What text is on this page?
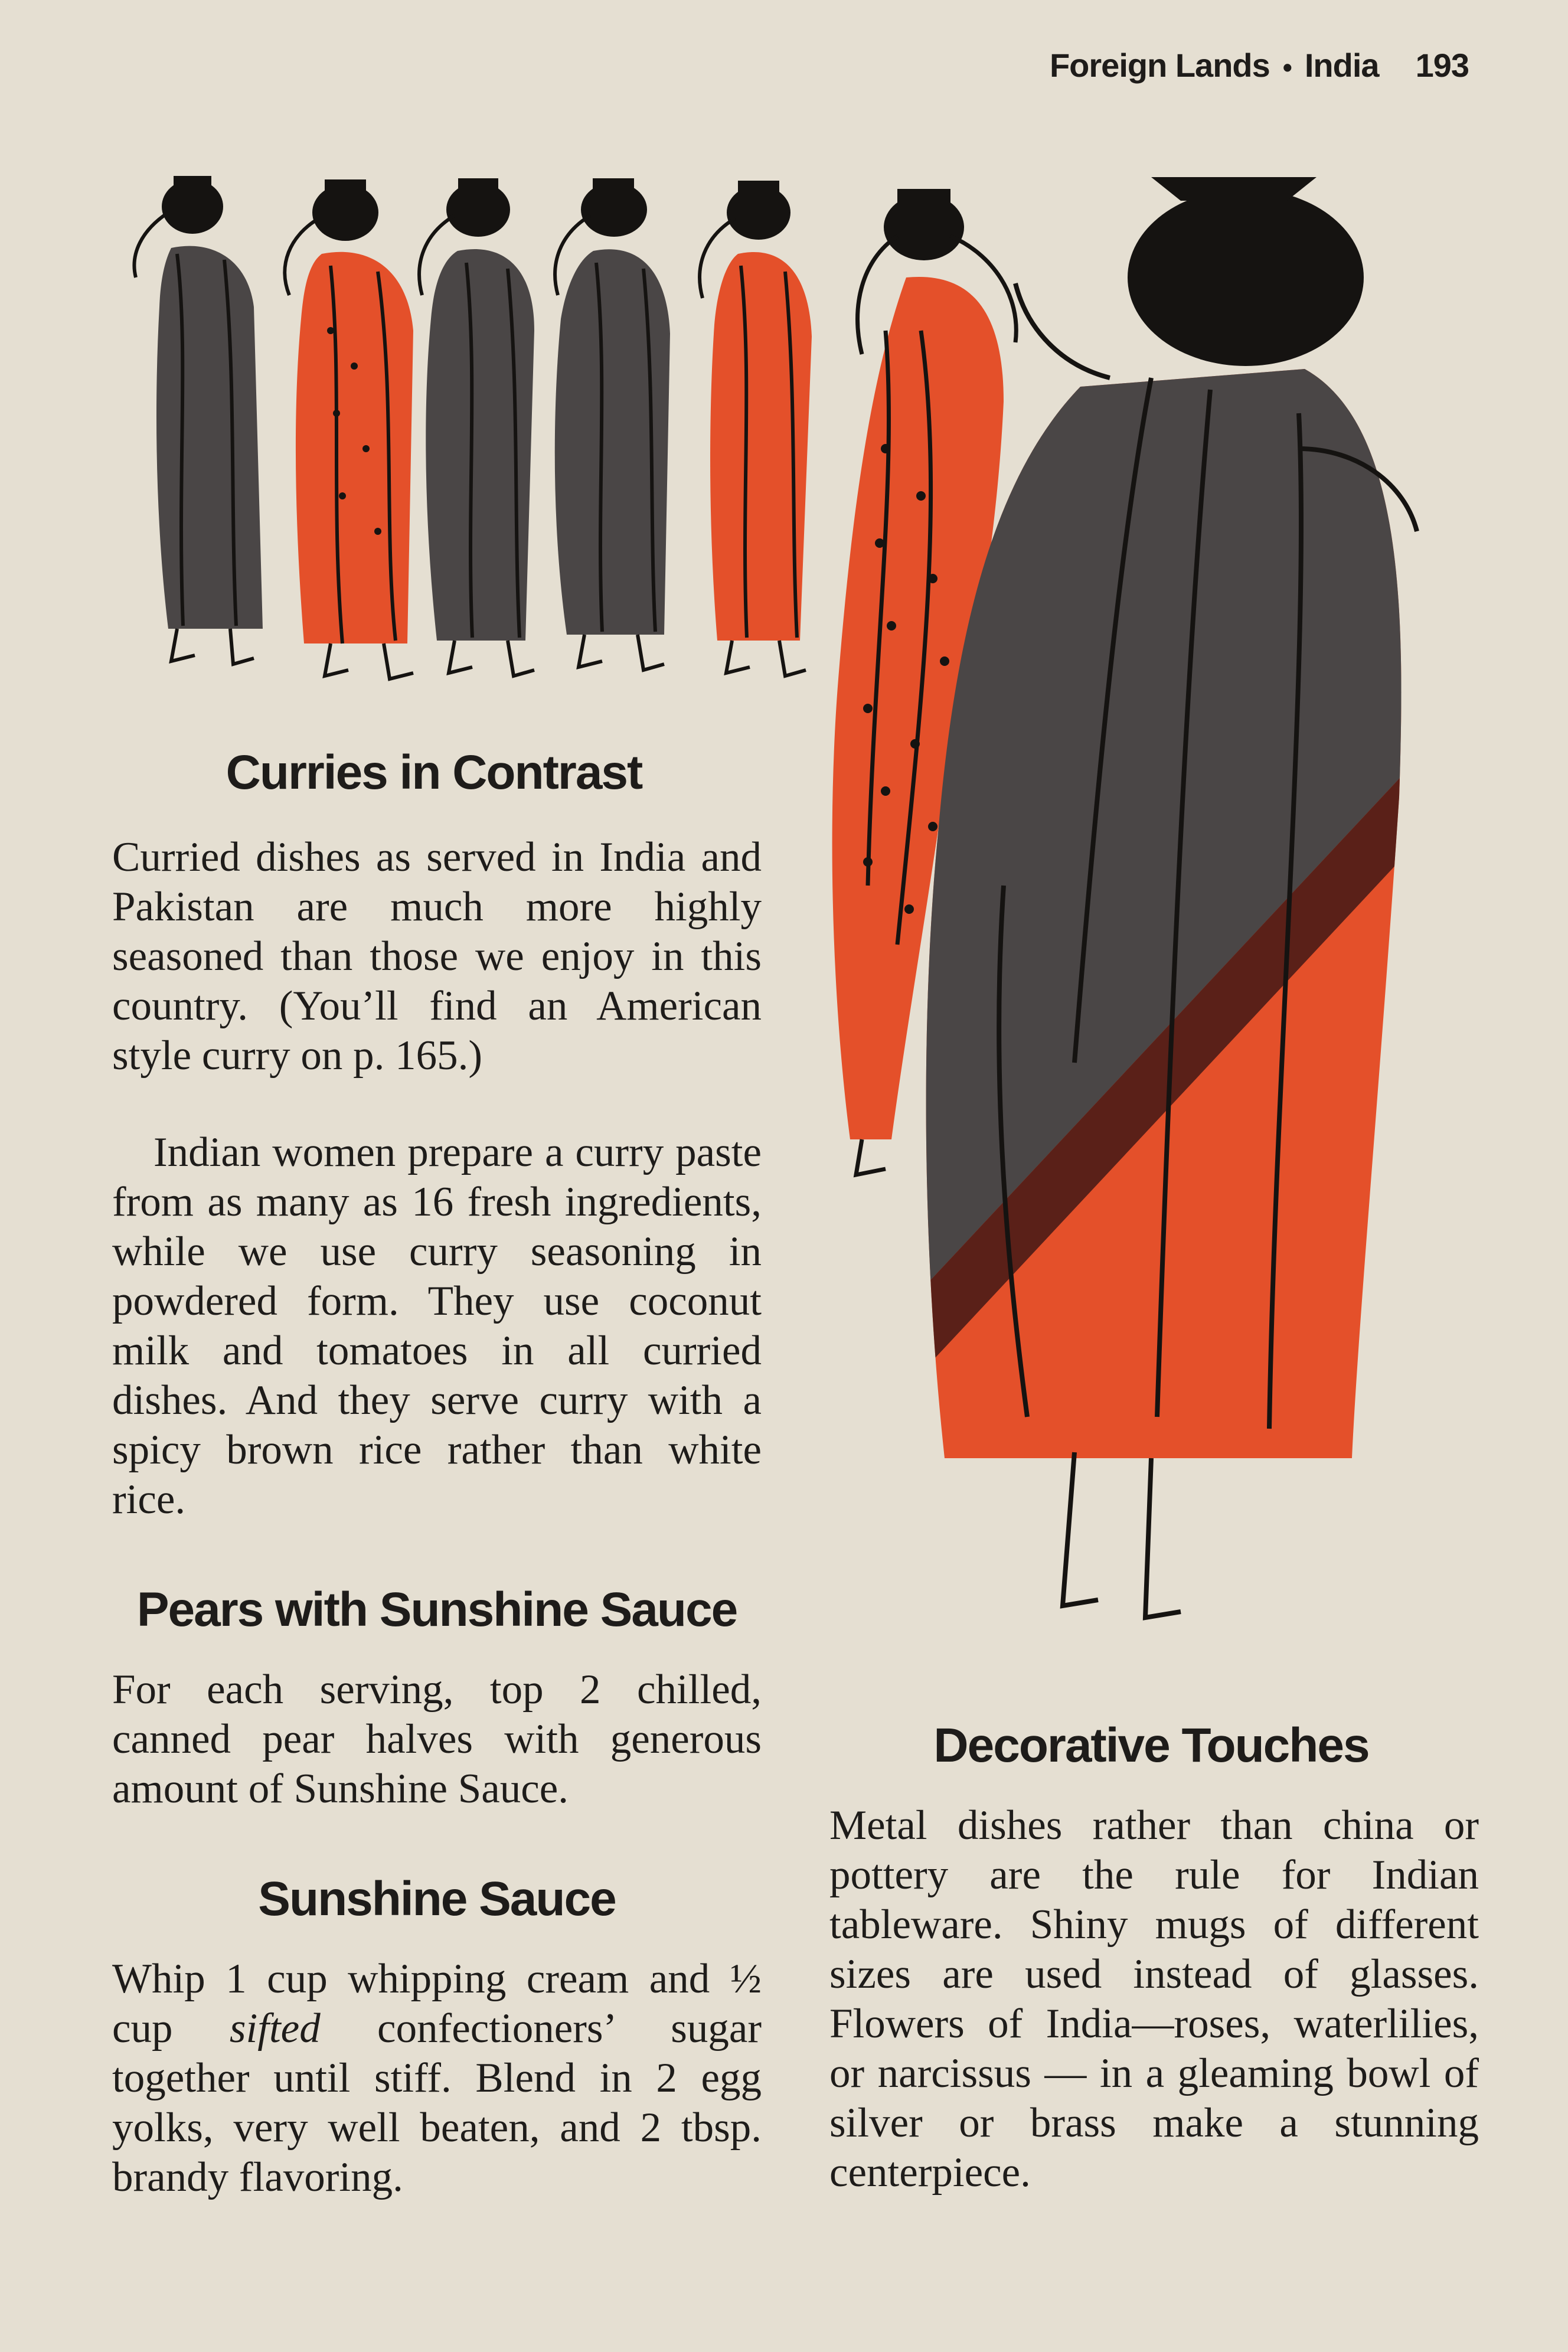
Foreign Lands • India 193
Curries in Contrast

Curried dishes as served in India and Pakistan are much more highly seasoned than those we enjoy in this country. (You’ll find an American style curry on p. 165.)

Indian women prepare a curry paste from as many as 16 fresh ingredients, while we use curry seasoning in powdered form. They use coconut milk and tomatoes in all curried dishes. And they serve curry with a spicy brown rice rather than white rice.

Pears with Sunshine Sauce

For each serving, top 2 chilled, canned pear halves with generous amount of Sunshine Sauce.

Sunshine Sauce

Whip 1 cup whipping cream and ½ cup sifted confectioners’ sugar together until stiff. Blend in 2 egg yolks, very well beaten, and 2 tbsp. brandy flavoring.

Decorative Touches

Metal dishes rather than china or pottery are the rule for Indian tableware. Shiny mugs of different sizes are used instead of glasses. Flowers of India—roses, waterlilies, or narcissus — in a gleaming bowl of silver or brass make a stunning centerpiece.
